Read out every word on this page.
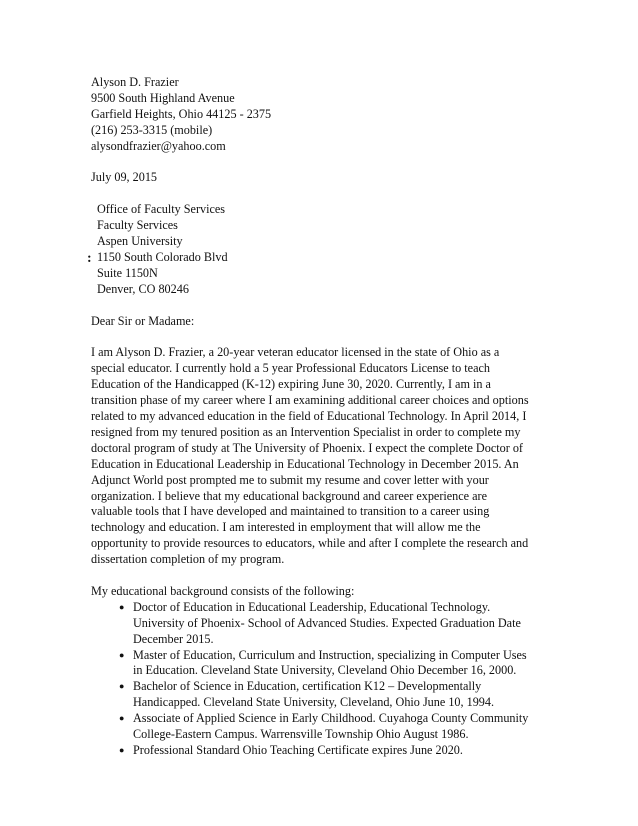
Alyson D. Frazier
9500 South Highland Avenue
Garfield Heights, Ohio 44125 - 2375
(216) 253-3315 (mobile)
alysondfrazier@yahoo.com
July 09, 2015
:
Office of Faculty Services
Faculty Services
Aspen University
1150 South Colorado Blvd
Suite 1150N
Denver, CO 80246
Dear Sir or Madame:
I am Alyson D. Frazier, a 20-year veteran educator licensed in the state of Ohio as a
special educator. I currently hold a 5 year Professional Educators License to teach
Education of the Handicapped (K-12) expiring June 30, 2020. Currently, I am in a
transition phase of my career where I am examining additional career choices and options
related to my advanced education in the field of Educational Technology. In April 2014, I
resigned from my tenured position as an Intervention Specialist in order to complete my
doctoral program of study at The University of Phoenix. I expect the complete Doctor of
Education in Educational Leadership in Educational Technology in December 2015. An
Adjunct World post prompted me to submit my resume and cover letter with your
organization. I believe that my educational background and career experience are
valuable tools that I have developed and maintained to transition to a career using
technology and education. I am interested in employment that will allow me the
opportunity to provide resources to educators, while and after I complete the research and
dissertation completion of my program.
My educational background consists of the following:
● Doctor of Education in Educational Leadership, Educational Technology.
University of Phoenix- School of Advanced Studies. Expected Graduation Date
December 2015.
● Master of Education, Curriculum and Instruction, specializing in Computer Uses
in Education. Cleveland State University, Cleveland Ohio December 16, 2000.
● Bachelor of Science in Education, certification K12 – Developmentally
Handicapped. Cleveland State University, Cleveland, Ohio June 10, 1994.
● Associate of Applied Science in Early Childhood. Cuyahoga County Community
College-Eastern Campus. Warrensville Township Ohio August 1986.
● Professional Standard Ohio Teaching Certificate expires June 2020.
